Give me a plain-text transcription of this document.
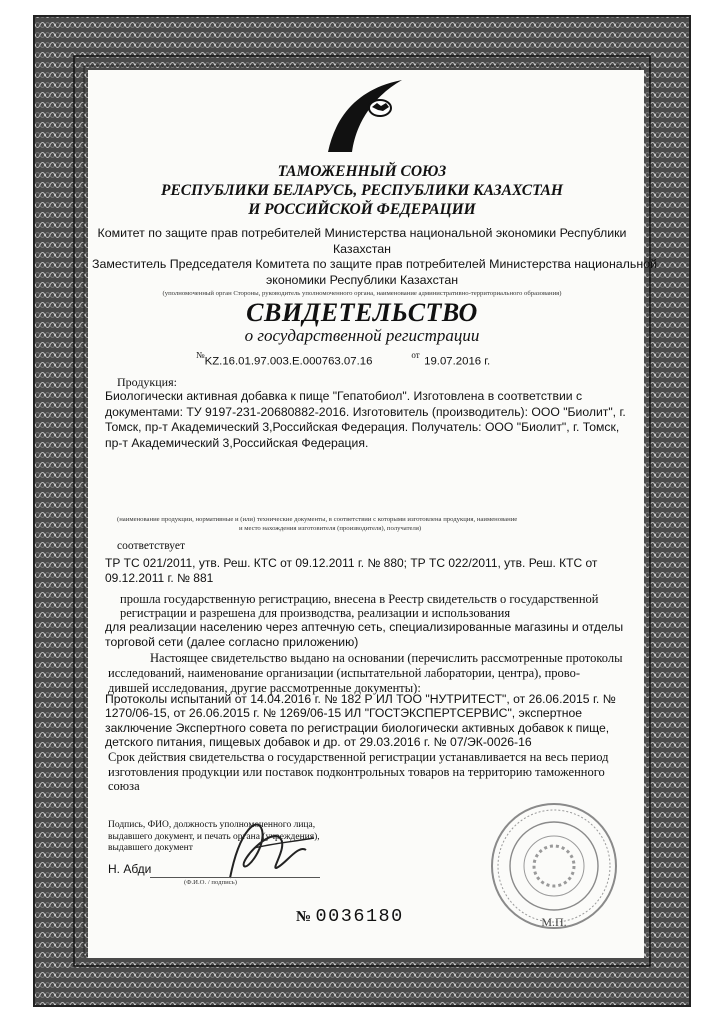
ТАМОЖЕННЫЙ СОЮЗ
РЕСПУБЛИКИ БЕЛАРУСЬ, РЕСПУБЛИКИ КАЗАХСТАН
И РОССИЙСКОЙ ФЕДЕРАЦИИ
Комитет по защите прав потребителей Министерства национальной экономики Республики
Казахстан
Заместитель Председателя Комитета по защите прав потребителей Министерства национальной
экономики Республики Казахстан
(уполномоченный орган Стороны, руководитель уполномоченного органа, наименование административно-территориального образования)
СВИДЕТЕЛЬСТВО
о государственной регистрации
№KZ.16.01.97.003.E.000763.07.16  $^{от}$ 19.07.2016 г.
Продукция:
Биологически активная добавка к пище "Гепатобиол". Изготовлена в соответствии с
документами: ТУ 9197-231-20680882-2016. Изготовитель (производитель): ООО "Биолит", г.
Томск, пр-т Академический 3,Российская Федерация. Получатель: ООО "Биолит", г. Томск,
пр-т Академический 3,Российская Федерация.
(наименование продукции, нормативные и (или) технические документы, в соответствии с которыми изготовлена продукция, наименование
и место нахождения изготовителя (производителя), получателя)
соответствует
ТР ТС 021/2011, утв. Реш. КТС от 09.12.2011 г. № 880; ТР ТС 022/2011, утв. Реш. КТС от
09.12.2011 г. № 881
прошла государственную регистрацию, внесена в Реестр свидетельств о государственной
регистрации и разрешена для производства, реализации и использования
для реализации населению через аптечную сеть, специализированные магазины и отделы
торговой сети (далее согласно приложению)
Настоящее свидетельство выдано на основании (перечислить рассмотренные протоколы
исследований, наименование организации (испытательной лаборатории, центра), прово-
дившей исследования, другие рассмотренные документы):
Протоколы испытаний от 14.04.2016 г. № 182 Р ИЛ ТОО "НУТРИТЕСТ", от 26.06.2015 г. №
1270/06-15, от 26.06.2015 г. № 1269/06-15 ИЛ "ГОСТЭКСПЕРТСЕРВИС", экспертное
заключение Экспертного совета по регистрации биологически активных добавок к пище,
детского питания, пищевых добавок и др. от 29.03.2016 г. № 07/ЭК-0026-16
Срок действия свидетельства о государственной регистрации устанавливается на весь период
изготовления продукции или поставок подконтрольных товаров на территорию таможенного
союза
Подпись, ФИО, должность уполномоченного лица,
выдавшего документ, и печать органа (учреждения),
выдавшего документ
Н. Абди
(Ф.И.О. / подпись)
М.П.
№ 0036180
